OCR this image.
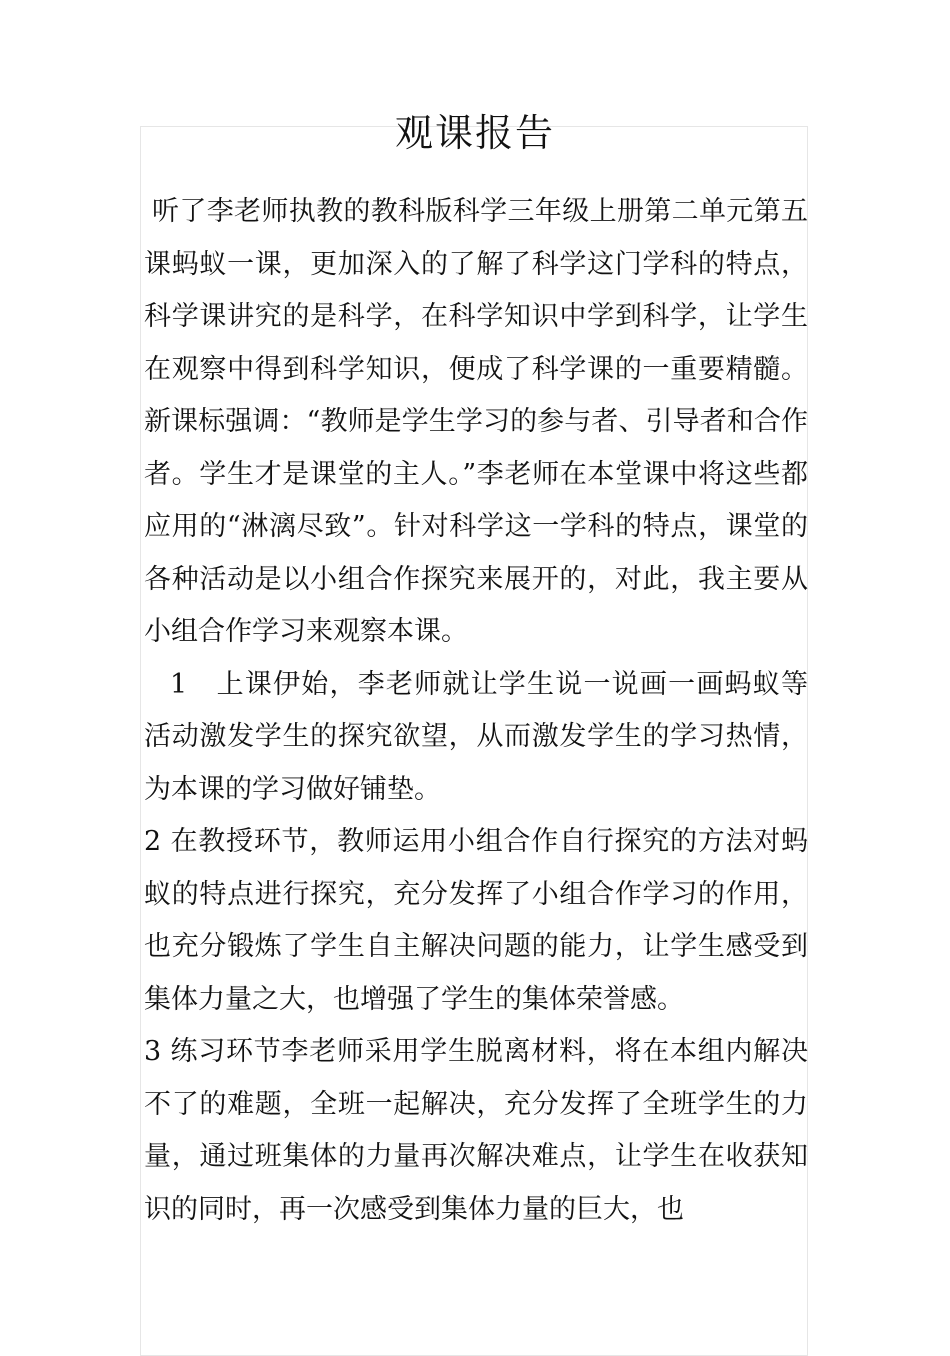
观课报告

听了李老师执教的教科版科学三年级上册第二单元第五课蚂蚁一课，更加深入的了解了科学这门学科的特点，科学课讲究的是科学，在科学知识中学到科学，让学生在观察中得到科学知识，便成了科学课的一重要精髓。新课标强调：“教师是学生学习的参与者、引导者和合作者。学生才是课堂的主人。”李老师在本堂课中将这些都应用的“淋漓尽致”。针对科学这一学科的特点，课堂的各种活动是以小组合作探究来展开的，对此，我主要从小组合作学习来观察本课。

1　上课伊始，李老师就让学生说一说画一画蚂蚁等活动激发学生的探究欲望，从而激发学生的学习热情，为本课的学习做好铺垫。

2 在教授环节，教师运用小组合作自行探究的方法对蚂蚁的特点进行探究，充分发挥了小组合作学习的作用，也充分锻炼了学生自主解决问题的能力，让学生感受到集体力量之大，也增强了学生的集体荣誉感。

3 练习环节李老师采用学生脱离材料，将在本组内解决不了的难题，全班一起解决，充分发挥了全班学生的力量，通过班集体的力量再次解决难点，让学生在收获知识的同时，再一次感受到集体力量的巨大，也
